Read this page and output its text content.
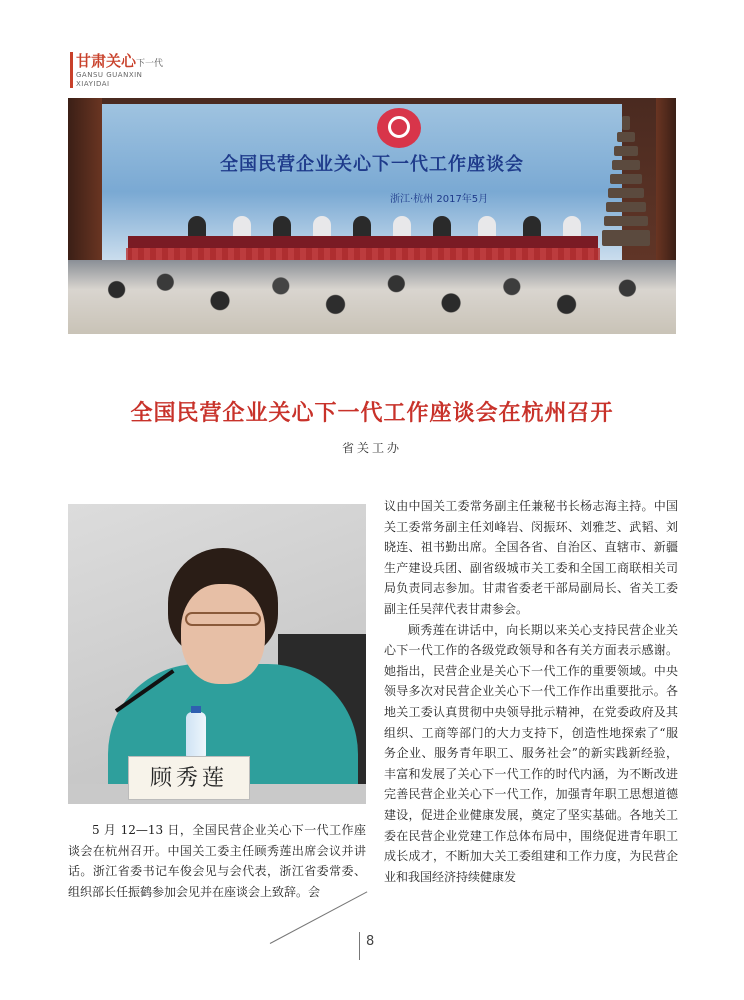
甘肃关心下一代
GANSU GUANXIN
XIAYIDAI
全国民营企业关心下一代工作座谈会
浙江·杭州 2017年5月
全国民营企业关心下一代工作座谈会在杭州召开
省关工办
顾秀莲

5 月 12—13 日，全国民营企业关心下一代工作座谈会在杭州召开。中国关工委主任顾秀莲出席会议并讲话。浙江省委书记车俊会见与会代表，浙江省委常委、组织部长任振鹤参加会见并在座谈会上致辞。会

议由中国关工委常务副主任兼秘书长杨志海主持。中国关工委常务副主任刘峰岩、闵振环、刘雅芝、武韬、刘晓连、祖书勤出席。全国各省、自治区、直辖市、新疆生产建设兵团、副省级城市关工委和全国工商联相关司局负责同志参加。甘肃省委老干部局副局长、省关工委副主任吴萍代表甘肃参会。

顾秀莲在讲话中，向长期以来关心支持民营企业关心下一代工作的各级党政领导和各有关方面表示感谢。她指出，民营企业是关心下一代工作的重要领域。中央领导多次对民营企业关心下一代工作作出重要批示。各地关工委认真贯彻中央领导批示精神，在党委政府及其组织、工商等部门的大力支持下，创造性地探索了“服务企业、服务青年职工、服务社会”的新实践新经验，丰富和发展了关心下一代工作的时代内涵，为不断改进完善民营企业关心下一代工作，加强青年职工思想道德建设，促进企业健康发展，奠定了坚实基础。各地关工委在民营企业党建工作总体布局中，围绕促进青年职工成长成才，不断加大关工委组建和工作力度，为民营企业和我国经济持续健康发

8
